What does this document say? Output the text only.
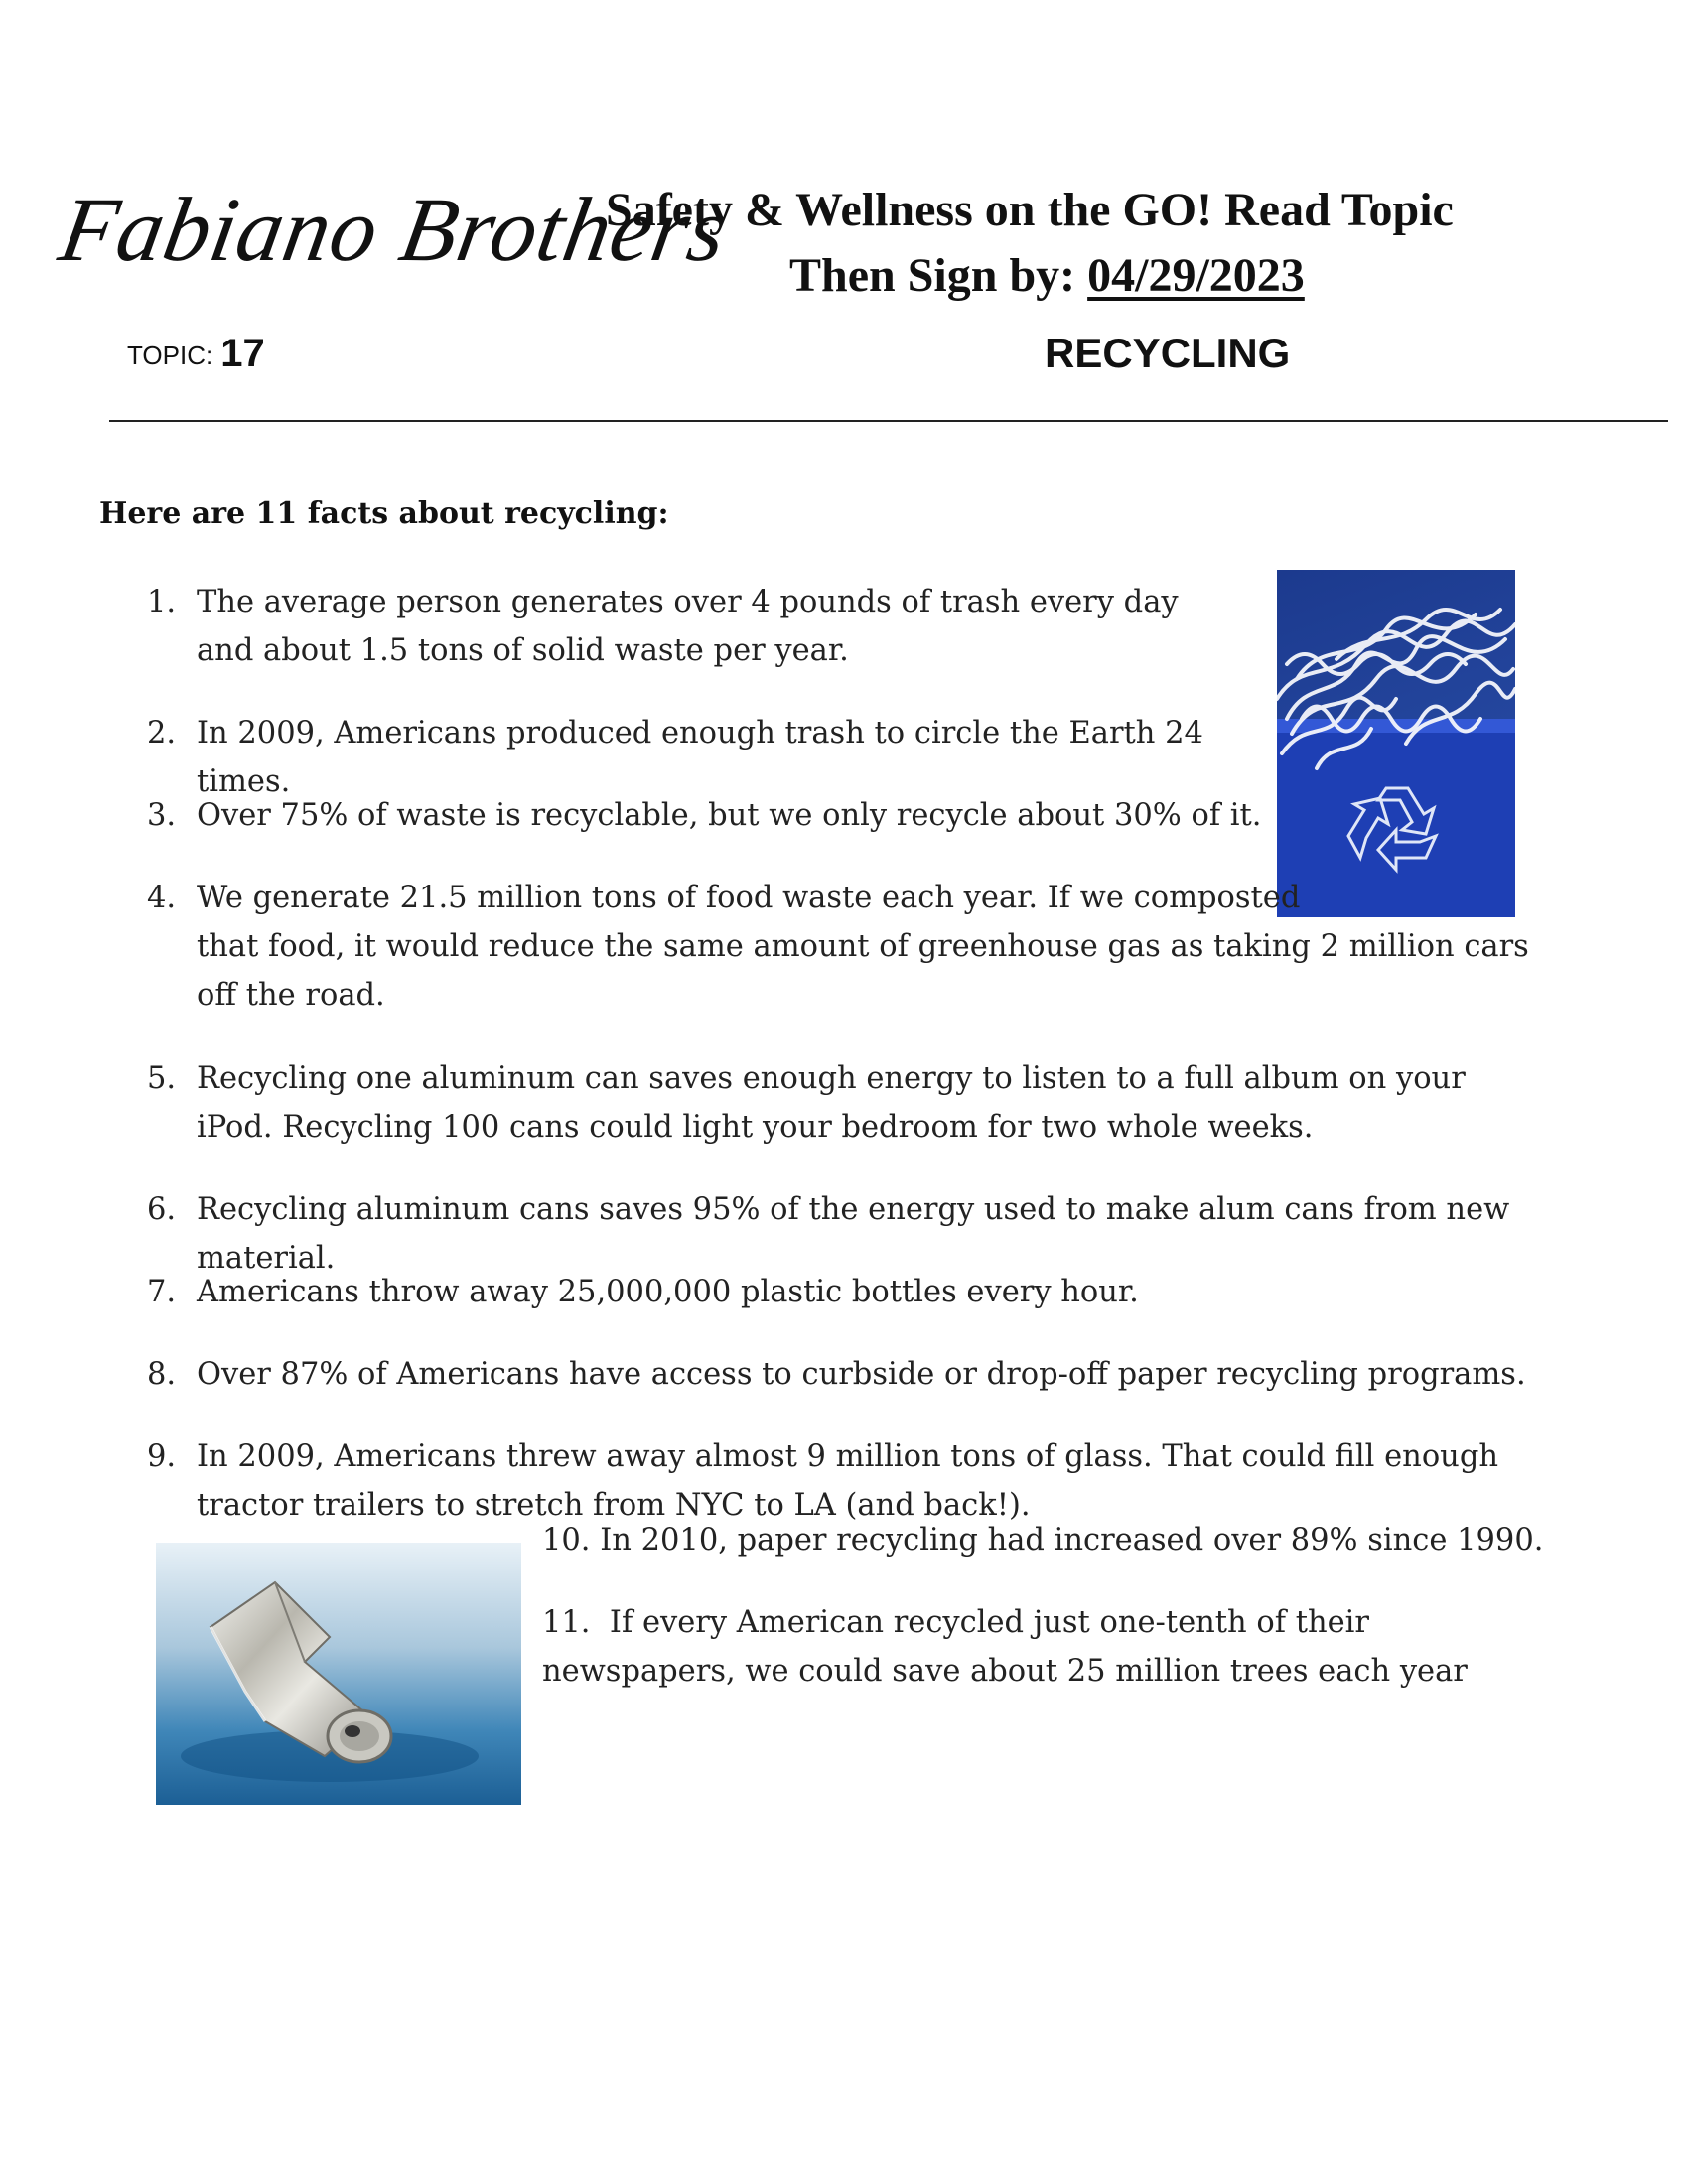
Fabiano Brothers
Safety & Wellness on the GO! Read Topic
Then Sign by: 04/29/2023
TOPIC: 17	RECYCLING
Here are 11 facts about recycling:
1. The average person generates over 4 pounds of trash every day and about 1.5 tons of solid waste per year.

2. In 2009, Americans produced enough trash to circle the Earth 24 times.

3. Over 75% of waste is recyclable, but we only recycle about 30% of it.

4. We generate 21.5 million tons of food waste each year. If we composted

that food, it would reduce the same amount of greenhouse gas as taking 2 million cars off the road.

5. Recycling one aluminum can saves enough energy to listen to a full album on your iPod. Recycling 100 cans could light your bedroom for two whole weeks.

6. Recycling aluminum cans saves 95% of the energy used to make alum cans from new material.

7. Americans throw away 25,000,000 plastic bottles every hour.

8. Over 87% of Americans have access to curbside or drop-off paper recycling programs.

9. In 2009, Americans threw away almost 9 million tons of glass. That could fill enough tractor trailers to stretch from NYC to LA (and back!).

10. In 2010, paper recycling had increased over 89% since 1990.

11. If every American recycled just one-tenth of their newspapers, we could save about 25 million trees each year
